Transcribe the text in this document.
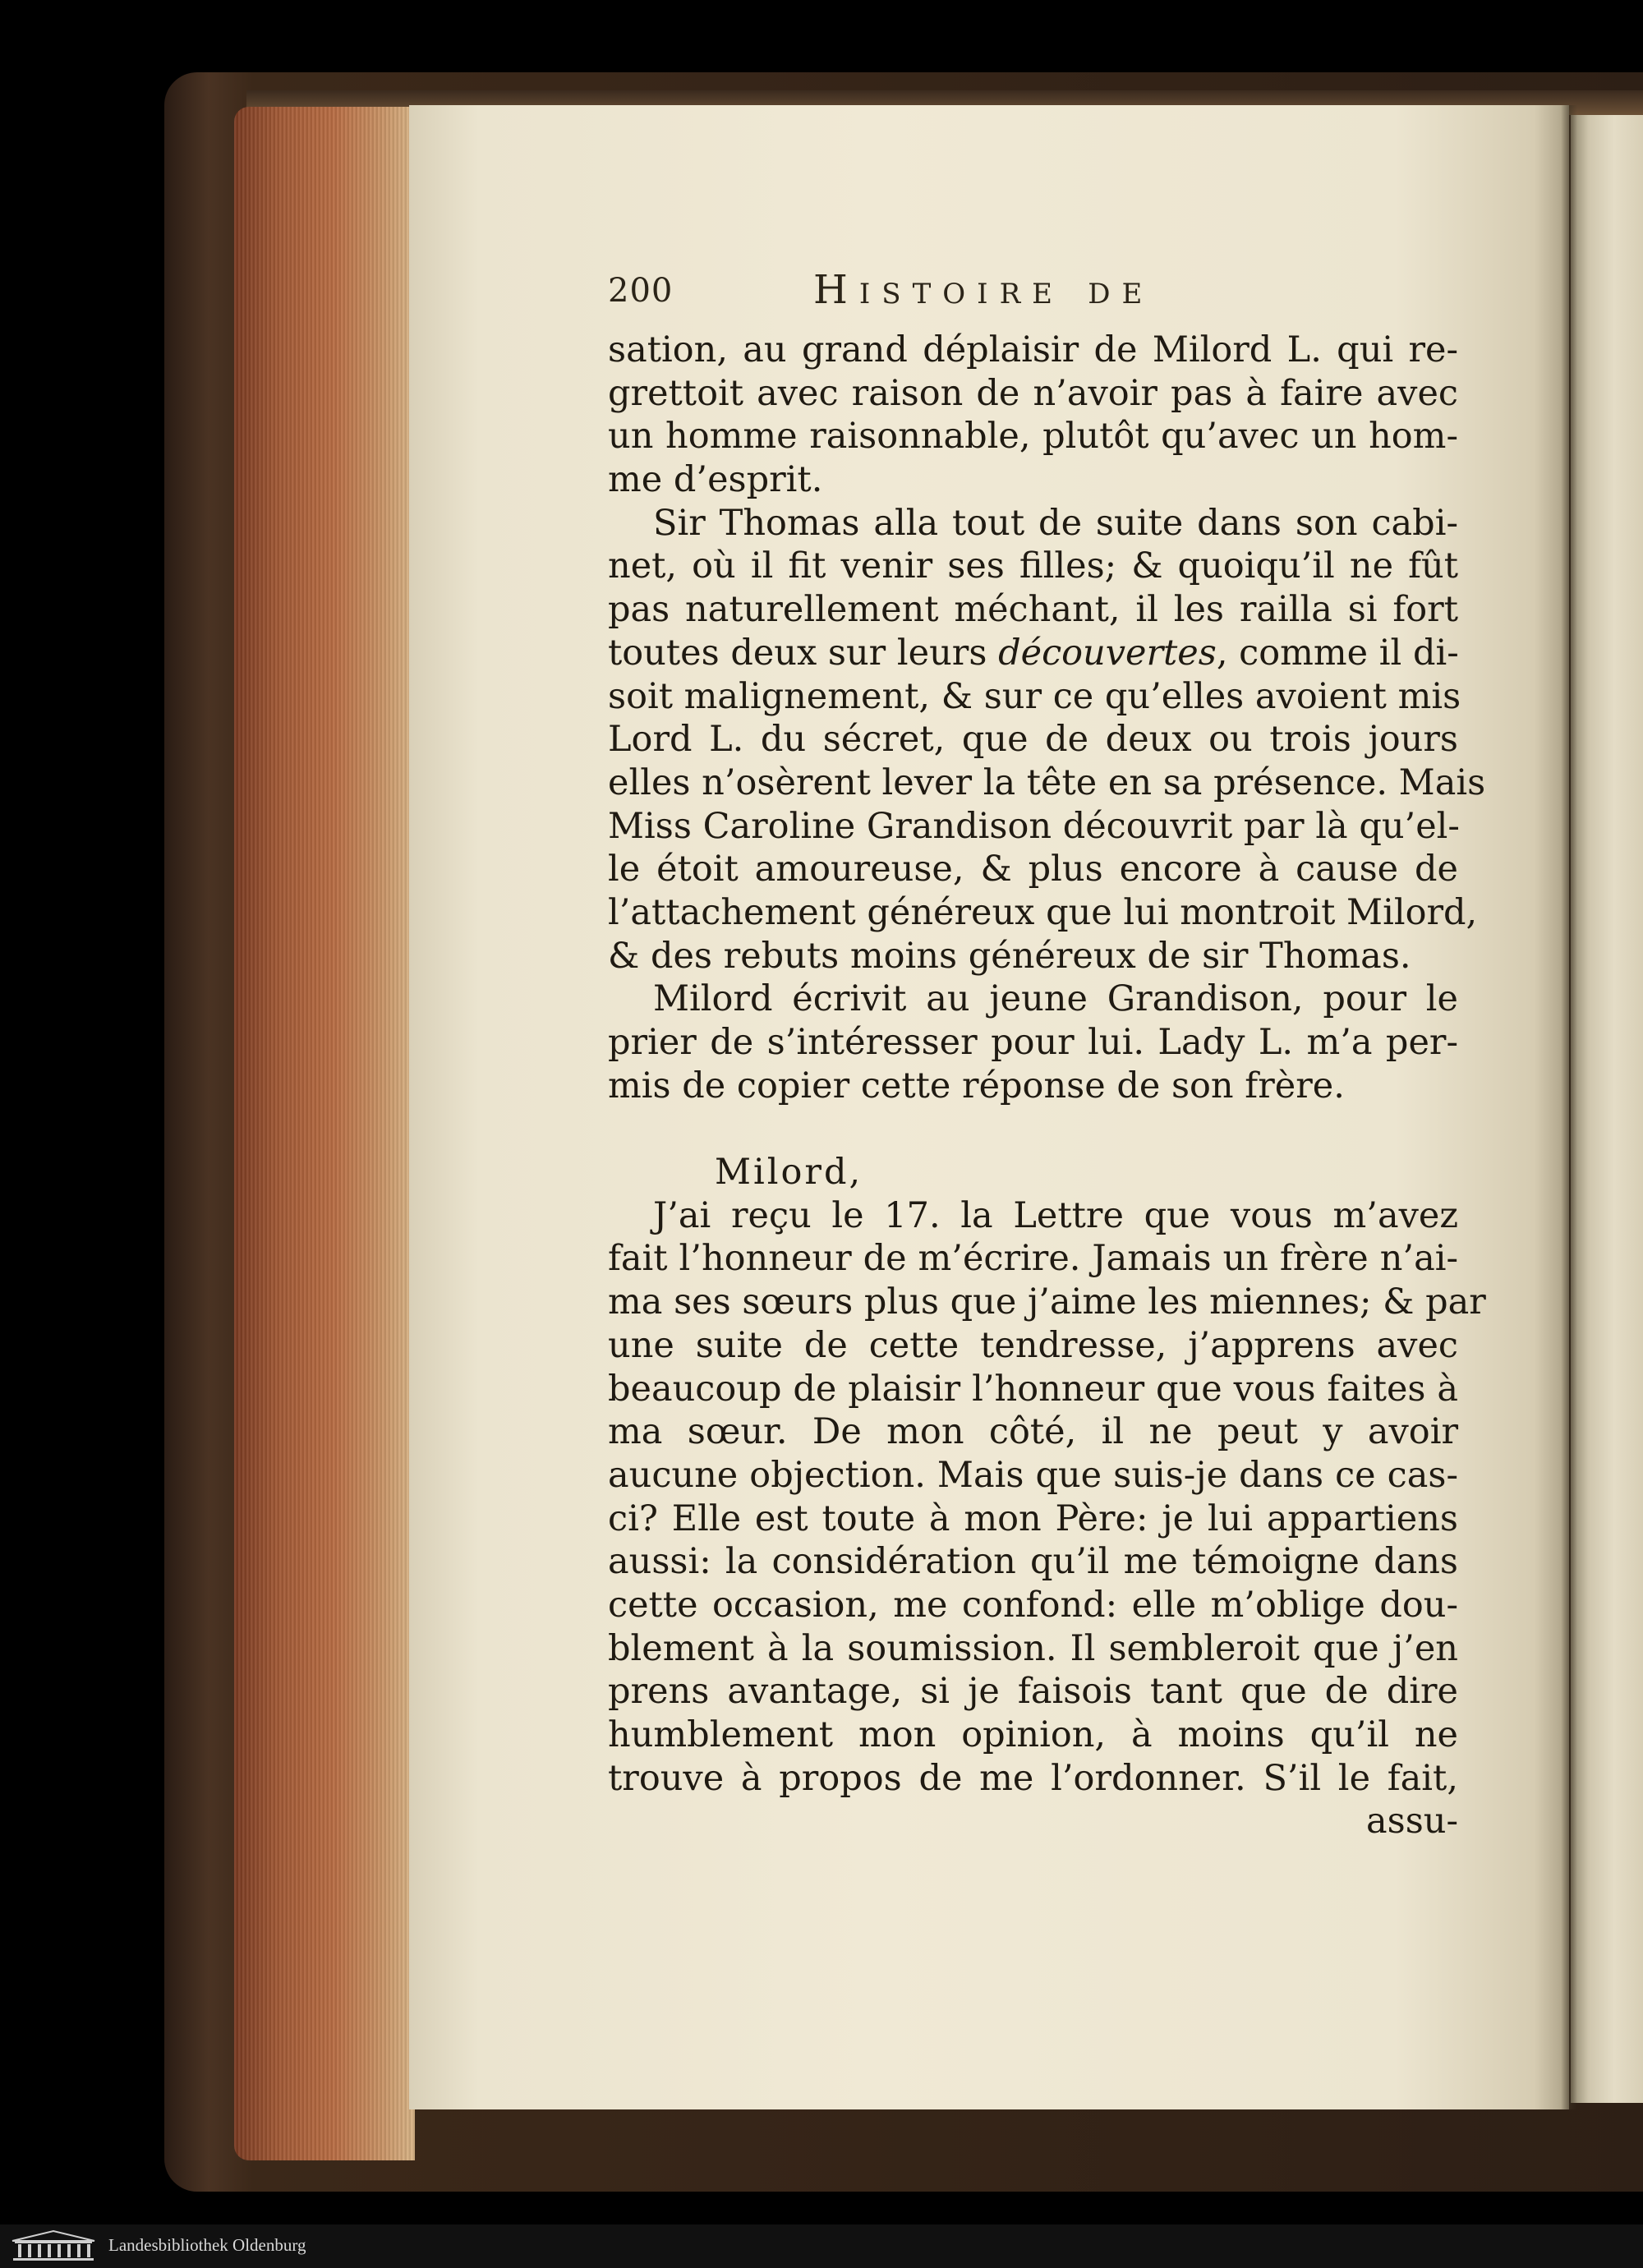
200	Histoire de
sation, au grand déplaisir de Milord L. qui re-
grettoit avec raison de n’avoir pas à faire avec
un homme raisonnable, plutôt qu’avec un hom-
me d’esprit.
Sir Thomas alla tout de suite dans son cabi-
net, où il fit venir ses filles; & quoiqu’il ne fût
pas naturellement méchant, il les railla si fort
toutes deux sur leurs découvertes, comme il di-
soit malignement, & sur ce qu’elles avoient mis
Lord L. du sécret, que de deux ou trois jours
elles n’osèrent lever la tête en sa présence. Mais
Miss Caroline Grandison découvrit par là qu’el-
le étoit amoureuse, & plus encore à cause de
l’attachement généreux que lui montroit Milord,
& des rebuts moins généreux de sir Thomas.
Milord écrivit au jeune Grandison, pour le
prier de s’intéresser pour lui. Lady L. m’a per-
mis de copier cette réponse de son frère.
Milord,
J’ai reçu le 17. la Lettre que vous m’avez
fait l’honneur de m’écrire. Jamais un frère n’ai-
ma ses sœurs plus que j’aime les miennes; & par
une suite de cette tendresse, j’apprens avec
beaucoup de plaisir l’honneur que vous faites à
ma sœur. De mon côté, il ne peut y avoir
aucune objection. Mais que suis-je dans ce cas-
ci? Elle est toute à mon Père: je lui appartiens
aussi: la considération qu’il me témoigne dans
cette occasion, me confond: elle m’oblige dou-
blement à la soumission. Il sembleroit que j’en
prens avantage, si je faisois tant que de dire
humblement mon opinion, à moins qu’il ne
trouve à propos de me l’ordonner. S’il le fait,
assu-
Landesbibliothek Oldenburg
